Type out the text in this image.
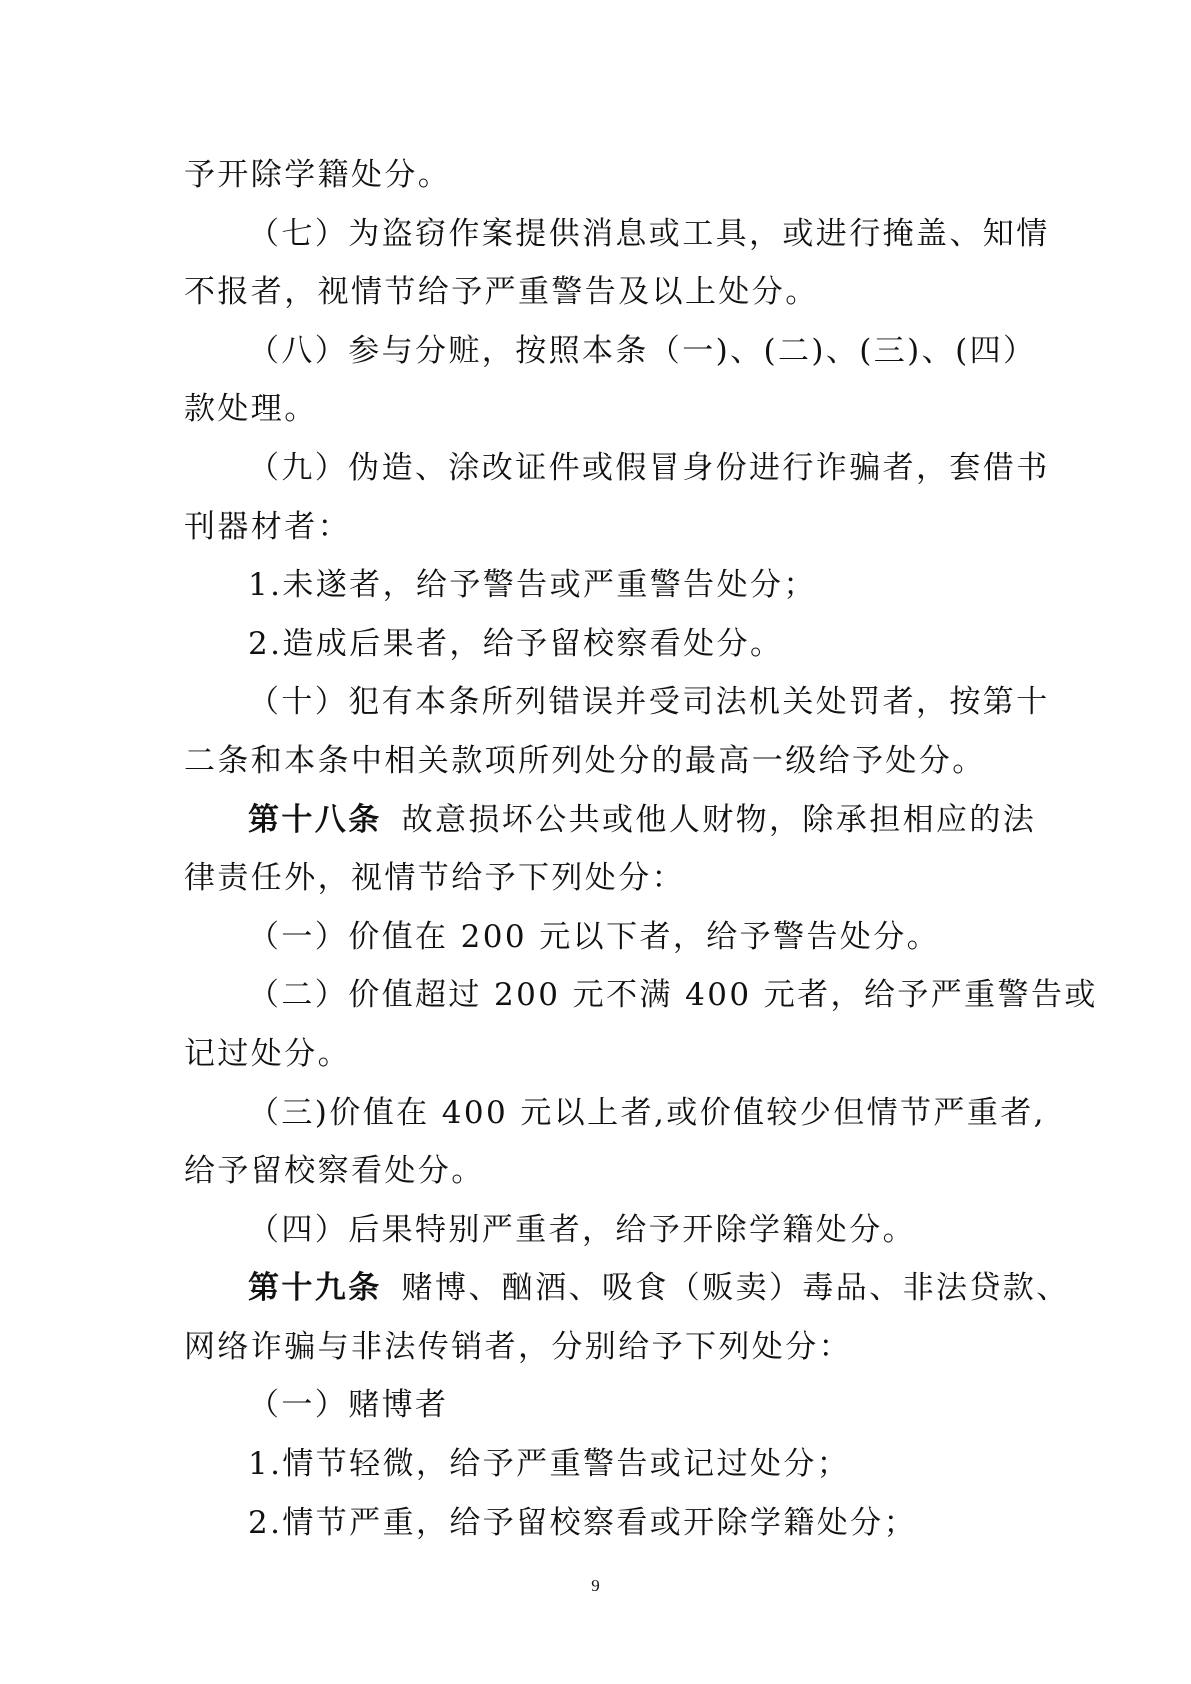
予开除学籍处分。
（七）为盗窃作案提供消息或工具，或进行掩盖、知情
不报者，视情节给予严重警告及以上处分。
（八）参与分赃，按照本条（一)、(二)、(三)、(四）
款处理。
（九）伪造、涂改证件或假冒身份进行诈骗者，套借书
刊器材者：
1.未遂者，给予警告或严重警告处分；
2.造成后果者，给予留校察看处分。
（十）犯有本条所列错误并受司法机关处罚者，按第十
二条和本条中相关款项所列处分的最高一级给予处分。
第十八条 故意损坏公共或他人财物，除承担相应的法
律责任外，视情节给予下列处分：
（一）价值在 200 元以下者，给予警告处分。
（二）价值超过 200 元不满 400 元者，给予严重警告或
记过处分。
（三)价值在 400 元以上者,或价值较少但情节严重者,
给予留校察看处分。
（四）后果特别严重者，给予开除学籍处分。
第十九条 赌博、酗酒、吸食（贩卖）毒品、非法贷款、
网络诈骗与非法传销者，分别给予下列处分：
（一）赌博者
1.情节轻微，给予严重警告或记过处分；
2.情节严重，给予留校察看或开除学籍处分；
9
